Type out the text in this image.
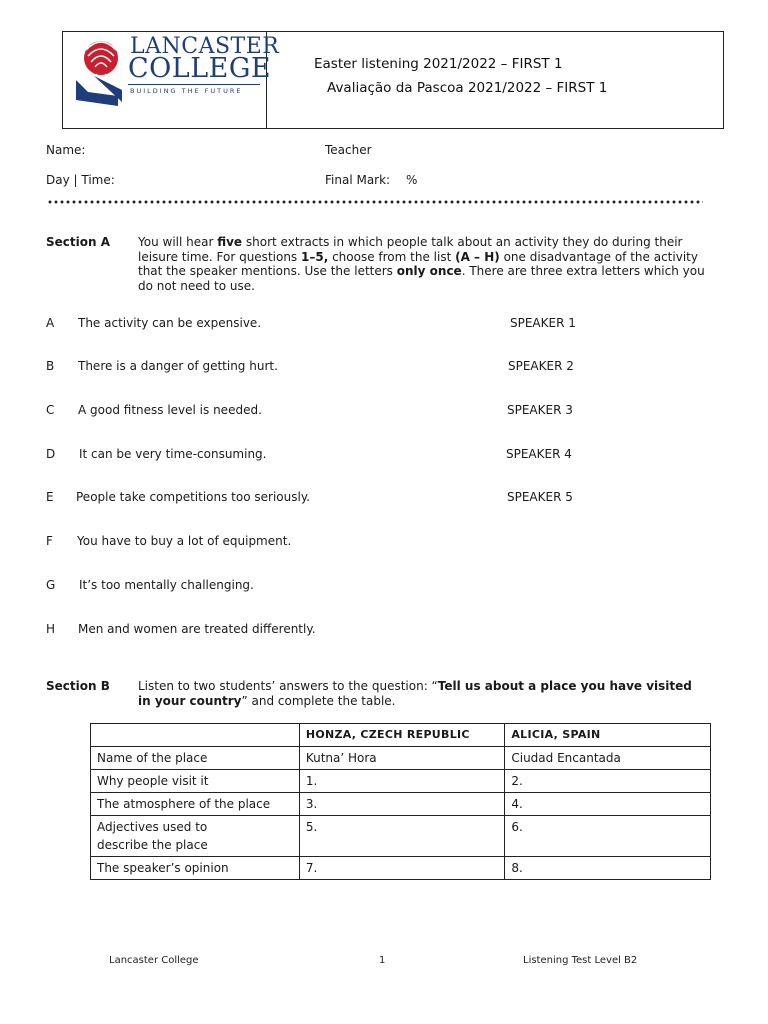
LANCASTER
COLLEGE
BUILDING THE FUTURE
Easter listening 2021/2022 – FIRST 1
Avaliação da Pascoa 2021/2022 – FIRST 1
Name:	Teacher
Day | Time:	Final Mark: %
Section A You will hear five short extracts in which people talk about an activity they do during their leisure time. For questions 1–5, choose from the list (A – H) one disadvantage of the activity that the speaker mentions. Use the letters only once. There are three extra letters which you do not need to use.
A The activity can be expensive.
B There is a danger of getting hurt.
C A good fitness level is needed.
D It can be very time-consuming.
E People take competitions too seriously.
F You have to buy a lot of equipment.
G It’s too mentally challenging.
H Men and women are treated differently.
SPEAKER 1
SPEAKER 2
SPEAKER 3
SPEAKER 4
SPEAKER 5
Section B Listen to two students’ answers to the question: “Tell us about a place you have visited in your country” and complete the table.
	HONZA, CZECH REPUBLIC	ALICIA, SPAIN
Name of the place	Kutna’ Hora	Ciudad Encantada
Why people visit it	1.	2.
The atmosphere of the place	3.	4.
Adjectives used to describe the place	5.	6.
The speaker’s opinion	7.	8.
Lancaster College	1	Listening Test Level B2
